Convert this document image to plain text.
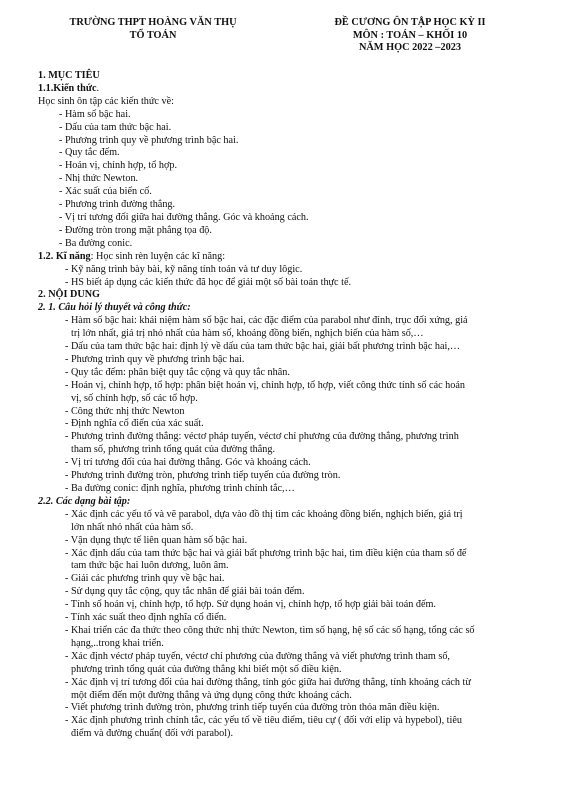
TRƯỜNG THPT HOÀNG VĂN THỤ
TỔ TOÁN
ĐỀ CƯƠNG ÔN TẬP HỌC KỲ II
MÔN : TOÁN – KHỐI 10
NĂM HỌC 2022 –2023
1. MỤC TIÊU
1.1.Kiến thức.
Học sinh ôn tập các kiến thức về:
- Hàm số bậc hai.
- Dấu của tam thức bậc hai.
- Phương trình quy về phương trình bậc hai.
- Quy tắc đếm.
- Hoán vị, chỉnh hợp, tổ hợp.
- Nhị thức Newton.
- Xác suất của biến cố.
- Phương trình đường thẳng.
- Vị trí tương đối giữa hai đường thẳng. Góc và khoảng cách.
- Đường tròn trong mặt phẳng tọa độ.
- Ba đường conic.
1.2. Kĩ năng: Học sinh rèn luyện các kĩ năng:
- Kỹ năng trình bày bài, kỹ năng tính toán và tư duy lôgic.
- HS biết áp dụng các kiến thức đã học để giải một số bài toán thực tế.
2. NỘI DUNG
2. 1. Câu hỏi lý thuyết và công thức:
- Hàm số bậc hai: khái niệm hàm số bậc hai, các đặc điểm của parabol như đỉnh, trục đối xứng, giá
trị lớn nhất, giá trị nhỏ nhất của hàm số, khoảng đồng biến, nghịch biến của hàm số,…
- Dấu của tam thức bậc hai: định lý về dấu của tam thức bậc hai, giải bất phương trình bậc hai,…
- Phương trình quy về phương trình bậc hai.
- Quy tắc đếm: phân biệt quy tắc cộng và quy tắc nhân.
- Hoán vị, chỉnh hợp, tổ hợp: phân biệt hoán vị, chỉnh hợp, tổ hợp, viết công thức tính số các hoán
vị, số chỉnh hợp, số các tổ hợp.
- Công thức nhị thức Newton
- Định nghĩa cổ điển của xác suất.
- Phương trình đường thẳng: véctơ pháp tuyến, véctơ chỉ phương của đường thẳng, phương trình
tham số, phương trình tổng quát của đường thẳng.
- Vị trí tương đối của hai đường thẳng. Góc và khoảng cách.
- Phương trình đường tròn, phương trình tiếp tuyến của đường tròn.
- Ba đường conic: định nghĩa, phương trình chính tắc,…
2.2. Các dạng bài tập:
- Xác định các yếu tố và vẽ parabol, dựa vào đồ thị tìm các khoảng đồng biến, nghịch biến, giá trị
lớn nhất nhỏ nhất của hàm số.
- Vận dụng thực tế liên quan hàm số bậc hai.
- Xác định dấu của tam thức bậc hai và giải bất phương trình bậc hai, tìm điều kiện của tham số để
tam thức bậc hai luôn dương, luôn âm.
- Giải các phương trình quy về bậc hai.
- Sử dụng quy tắc cộng, quy tắc nhân để giải bài toán đếm.
- Tính số hoán vị, chỉnh hợp, tổ hợp. Sử dụng hoán vị, chỉnh hợp, tổ hợp giải bài toán đếm.
- Tính xác suất theo định nghĩa cổ điển.
- Khai triển các đa thức theo công thức nhị thức Newton, tìm số hạng, hệ số các số hạng, tổng các số
hạng,..trong khai triển.
- Xác định véctơ pháp tuyến, véctơ chỉ phương của đường thẳng và viết phương trình tham số,
phương trình tổng quát của đường thẳng khi biết một số điều kiện.
- Xác định vị trí tương đối của hai đường thẳng, tính góc giữa hai đường thẳng, tính khoảng cách từ
một điểm đến một đường thẳng và ứng dụng công thức khoảng cách.
- Viết phương trình đường tròn, phương trình tiếp tuyến của đường tròn thỏa mãn điều kiện.
- Xác định phương trình chính tắc, các yếu tố về tiêu điểm, tiêu cự ( đối với elip và hypebol), tiêu
điểm và đường chuẩn( đối với parabol).
